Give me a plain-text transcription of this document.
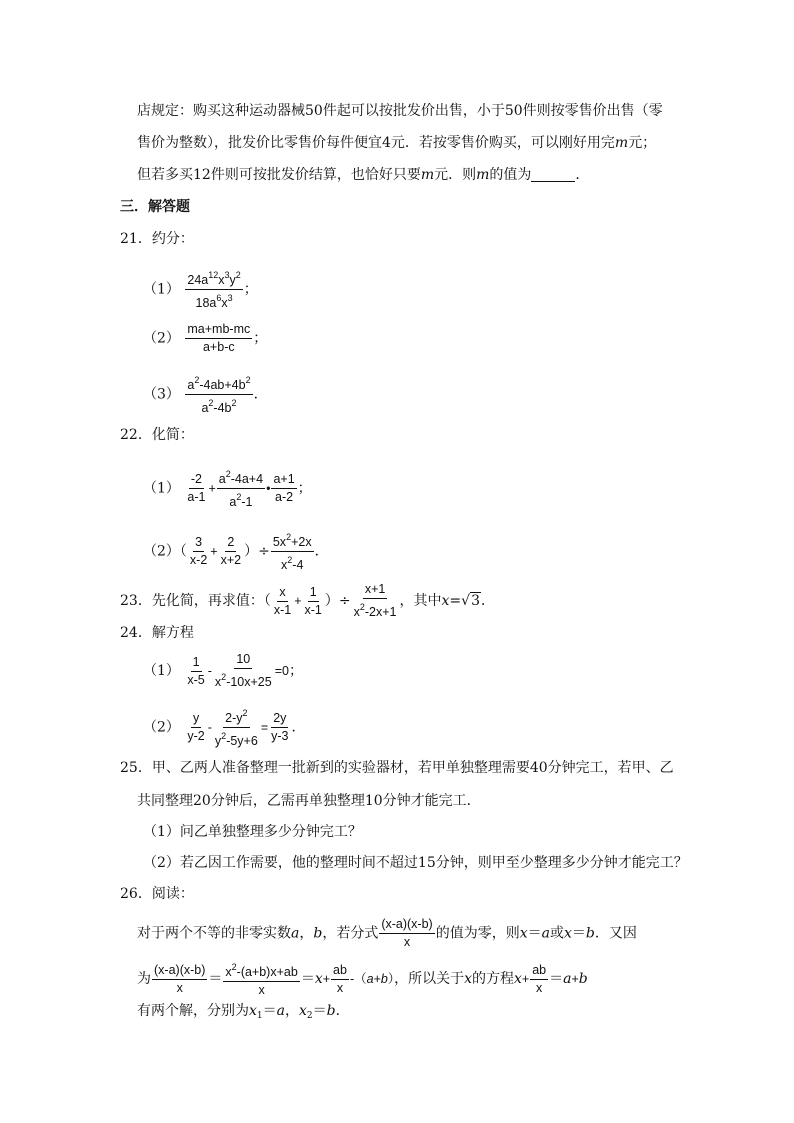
店规定：购买这种运动器械50件起可以按批发价出售，小于50件则按零售价出售（零
售价为整数），批发价比零售价每件便宜4元．若按零售价购买，可以刚好用完m元；
但若多买12件则可按批发价结算，也恰好只要m元．则m的值为	．
三．解答题
21．约分：
$(1) \frac{24a^{12}x^3y^2}{18a^6x^3}$ ；
$(2) \frac{ma+mb-mc}{a+b-c}$ ；
$(3) \frac{a^2-4ab+4b^2}{a^2-4b^2}$ ．
22．化简：
$(1) \frac{-2}{a-1} + \frac{a^2-4a+4}{a^2-1}$ • $\frac{a+1}{a-2}$ ；
$(2)( \frac{3}{x-2} + \frac{2}{x+2}$ ）÷ $\frac{5x^2+2x}{x^2-4}$ ．
23．先化简，再求值：（ $\frac{x}{x-1} + \frac{1}{x-1}$ ）÷ $\frac{x+1}{x^2-2x+1}$ ，其中x=√3．
24．解方程
$(1) \frac{1}{x-5} - \frac{10}{x^2-10x+25} =0$；
$(2) \frac{y}{y-2} - \frac{2-y^2}{y^2-5y+6} = \frac{2y}{y-3}$ ．
25．甲、乙两人准备整理一批新到的实验器材，若甲单独整理需要40分钟完工，若甲、乙
共同整理20分钟后，乙需再单独整理10分钟才能完工．
（1）问乙单独整理多少分钟完工？
（2）若乙因工作需要，他的整理时间不超过15分钟，则甲至少整理多少分钟才能完工？
26．阅读：
对于两个不等的非零实数a，b，若分式 $\frac{(x-a)(x-b)}{x}$ 的值为零，则x＝a或x＝b．又因
为 $\frac{(x-a)(x-b)}{x} = \frac{x^2-(a+b)x+ab}{x} =x+ \frac{ab}{x} -(a+b)$，所以关于x的方程$x+ \frac{ab}{x} =a+b$
有两个解，分别为$x_1=a$，$x_2=b$．
